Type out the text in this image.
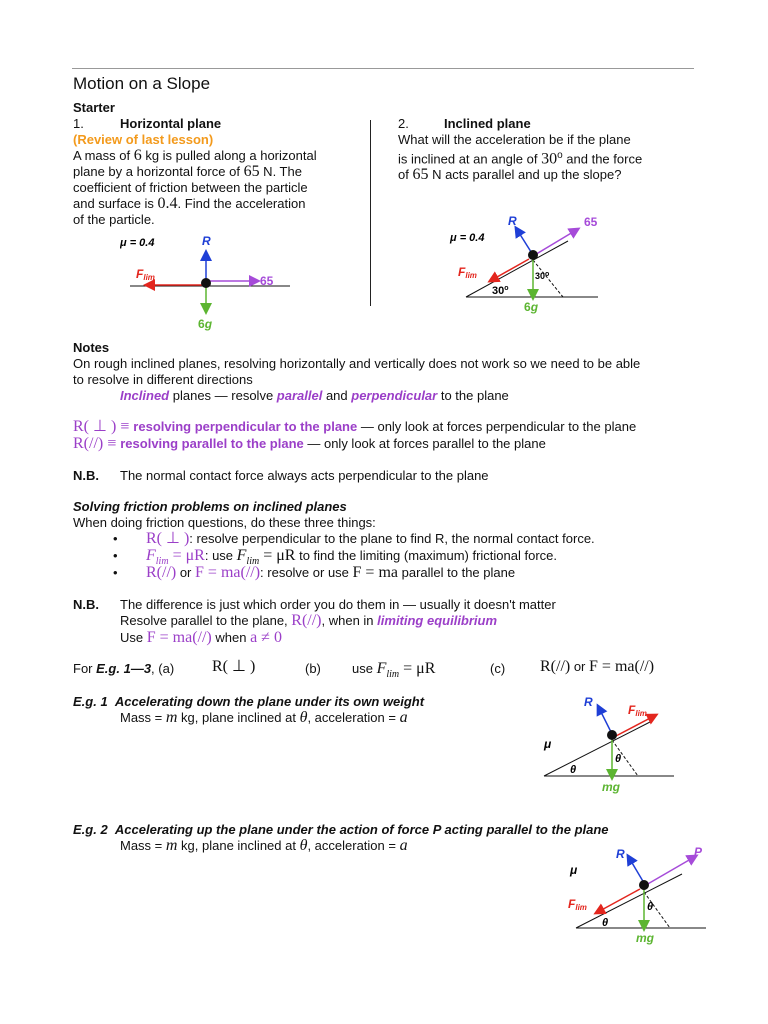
Motion on a Slope
Starter
1.	Horizontal plane
(Review of last lesson)
A mass of 6 kg is pulled along a horizontal
plane by a horizontal force of 65 N. The
coefficient of friction between the particle
and surface is 0.4. Find the acceleration
of the particle.
2.	Inclined plane
What will the acceleration be if the plane
is inclined at an angle of 30$^o$ and the force
of 65 N acts parallel and up the slope?
μ = 0.4	R
Flim	65
6g
μ = 0.4
R	65
Flim	30$^o$
30$^o$
6g
Notes
On rough inclined planes, resolving horizontally and vertically does not work so we need to be able
to resolve in different directions
Inclined planes — resolve parallel and perpendicular to the plane
R( ⊥ ) ≡ resolving perpendicular to the plane — only look at forces perpendicular to the plane
R(//) ≡ resolving parallel to the plane — only look at forces parallel to the plane
N.B. The normal contact force always acts perpendicular to the plane
Solving friction problems on inclined planes
When doing friction questions, do these three things:
• R( ⊥ ): resolve perpendicular to the plane to find R, the normal contact force.
• $F_{lim} = \mu R$: use $F_{lim} = \mu R$ to find the limiting (maximum) frictional force.
• R(//) or F = ma(//): resolve or use F = ma parallel to the plane
N.B. The difference is just which order you do them in — usually it doesn't matter
Resolve parallel to the plane, R(//), when in limiting equilibrium
Use F = ma(//) when a ≠ 0
For E.g. 1—3, (a) R( ⊥ )	(b) use $F_{lim} = \mu R$	(c) R(//) or F = ma(//)
E.g. 1 Accelerating down the plane under its own weight
Mass = m kg, plane inclined at θ, acceleration = a
μ
R
Flim
θ
θ
mg
E.g. 2 Accelerating up the plane under the action of force P acting parallel to the plane
Mass = m kg, plane inclined at θ, acceleration = a
μ
R	P
Flim	θ
θ
mg
